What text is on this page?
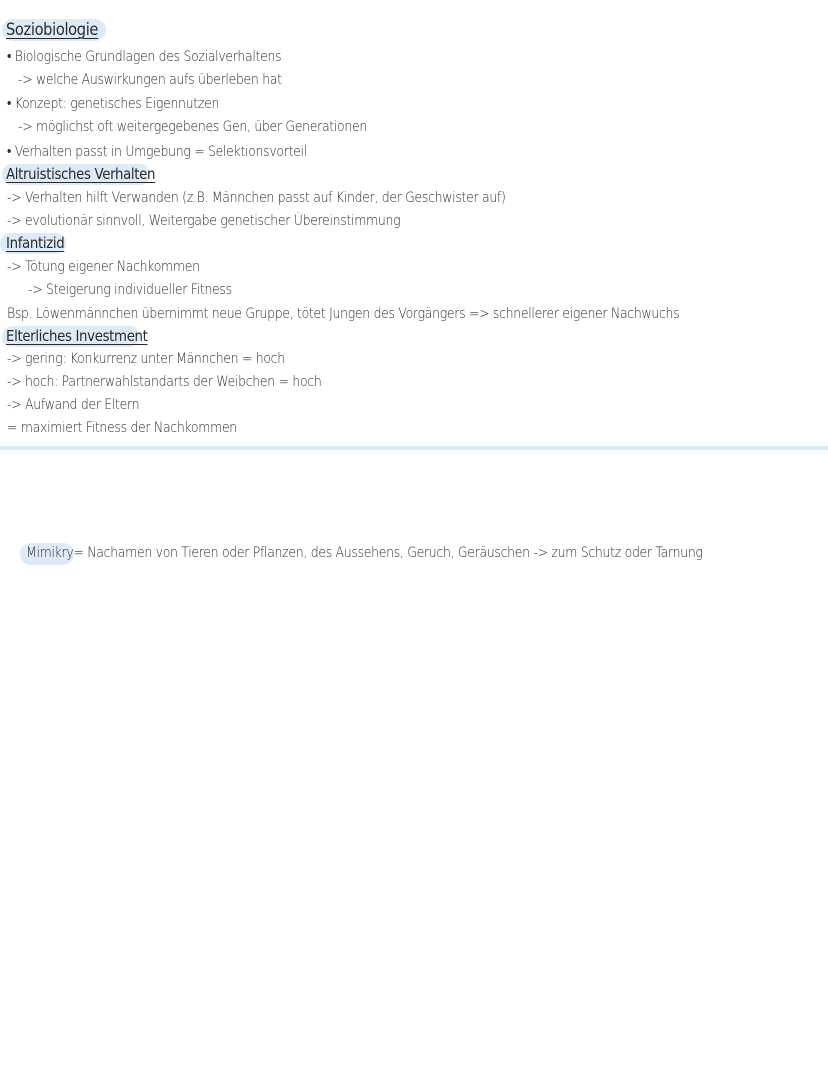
Soziobiologie
• Biologische Grundlagen des Sozialverhaltens
-> welche Auswirkungen aufs überleben hat
• Konzept: genetisches Eigennutzen
-> möglichst oft weitergegebenes Gen, über Generationen
• Verhalten passt in Umgebung = Selektionsvorteil
Altruistisches Verhalten
-> Verhalten hilft Verwanden (z.B. Männchen passt auf Kinder, der Geschwister auf)
-> evolutionär sinnvoll, Weitergabe genetischer Übereinstimmung
Infantizid
-> Tötung eigener Nachkommen
-> Steigerung individueller Fitness
Bsp. Löwenmännchen übernimmt neue Gruppe, tötet Jungen des Vorgängers => schnellerer eigener Nachwuchs
Elterliches Investment
-> gering: Konkurrenz unter Männchen = hoch
-> hoch: Partnerwahlstandarts der Weibchen = hoch
-> Aufwand der Eltern
= maximiert Fitness der Nachkommen
Mimikry= Nachamen von Tieren oder Pflanzen, des Aussehens, Geruch, Geräuschen -> zum Schutz oder Tarnung
